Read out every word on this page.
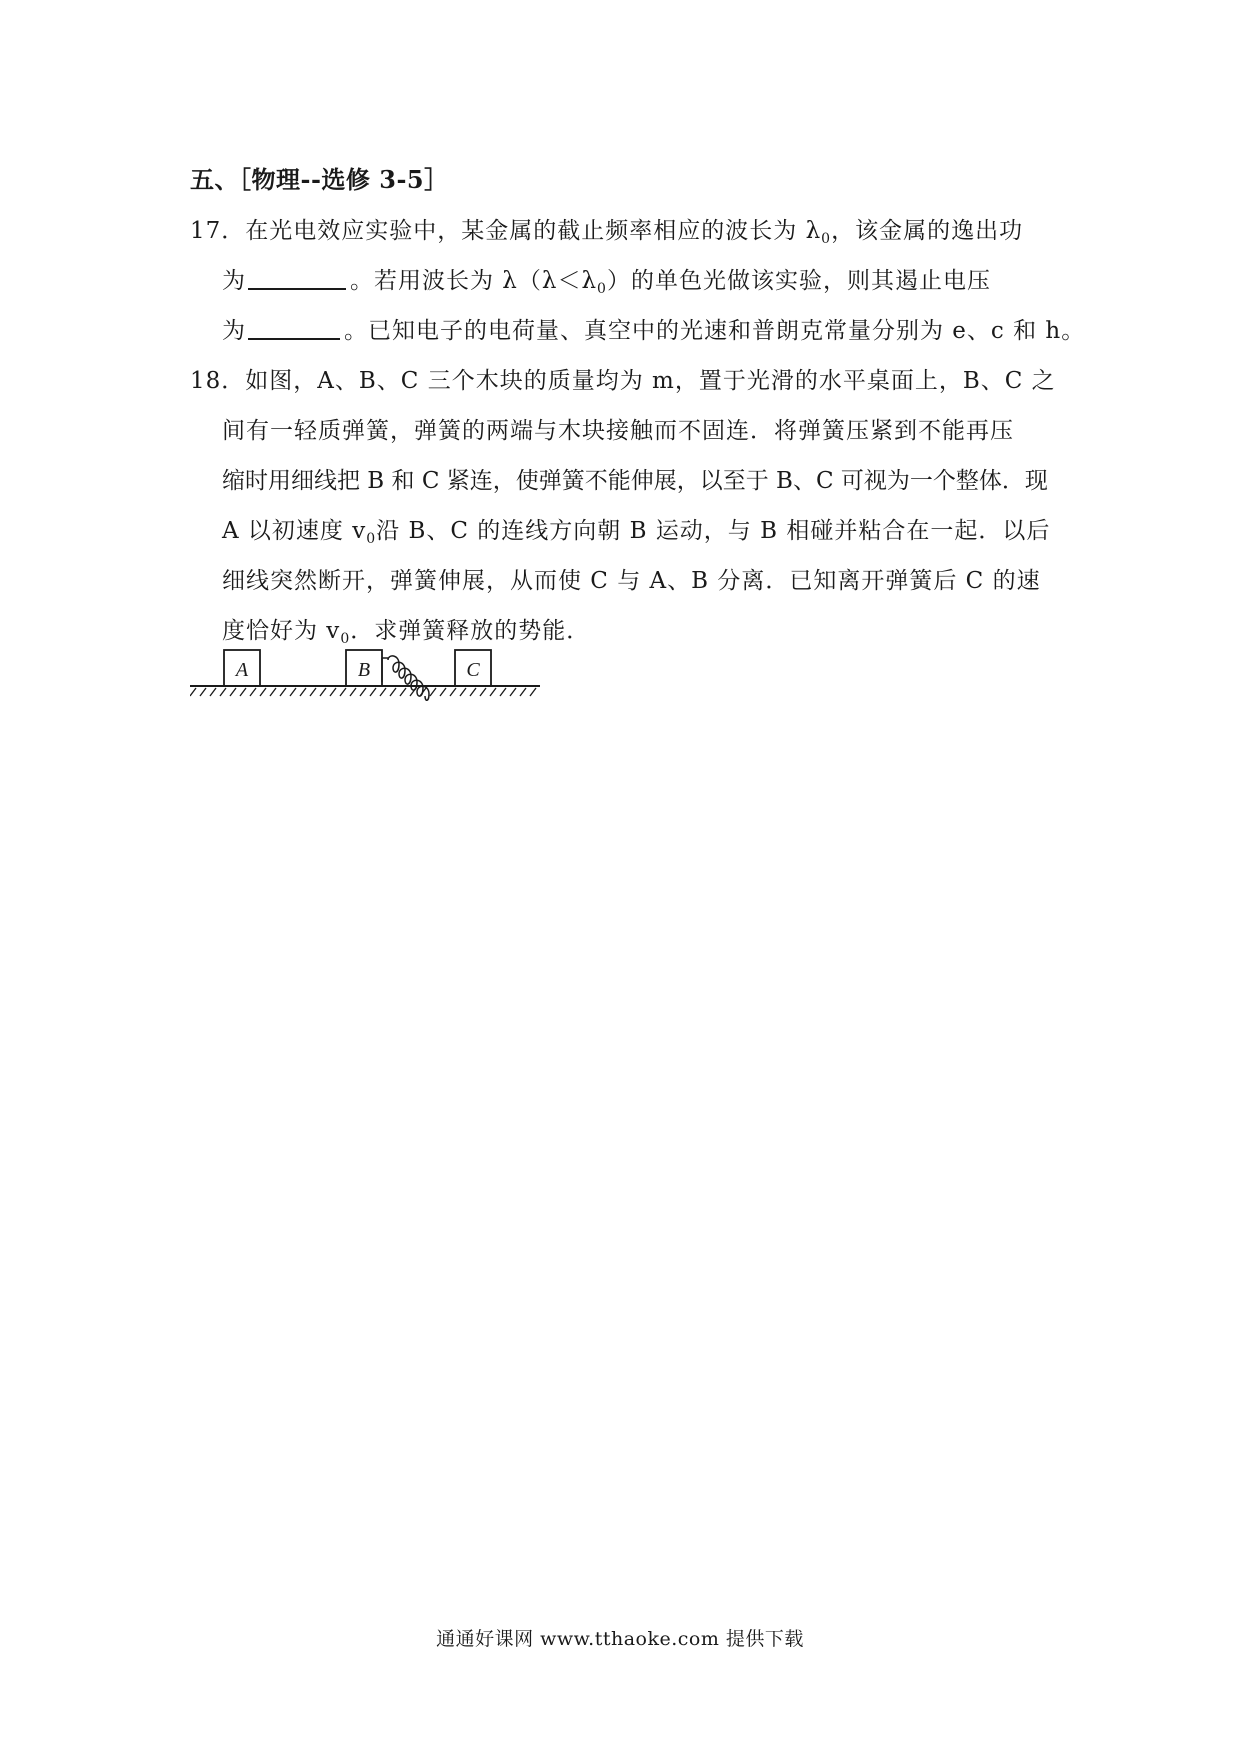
五、［物理--选修 3-5］
17．在光电效应实验中，某金属的截止频率相应的波长为 $\lambda_0$，该金属的逸出功
为	。若用波长为 $\lambda(\lambda<\lambda_0)$的单色光做该实验，则其遏止电压
为	。已知电子的电荷量、真空中的光速和普朗克常量分别为 e、c 和 h。
18．如图，A、B、C 三个木块的质量均为 m，置于光滑的水平桌面上，B、C 之
间有一轻质弹簧，弹簧的两端与木块接触而不固连．将弹簧压紧到不能再压
缩时用细线把 B 和 C 紧连，使弹簧不能伸展，以至于 B、C 可视为一个整体．现
A 以初速度 $v_0$沿 B、C 的连线方向朝 B 运动，与 B 相碰并粘合在一起．以后
细线突然断开，弹簧伸展，从而使 C 与 A、B 分离．已知离开弹簧后 C 的速
度恰好为 $v_0$．求弹簧释放的势能．
A	B	C
通通好课网 www.tthaoke.com 提供下载
